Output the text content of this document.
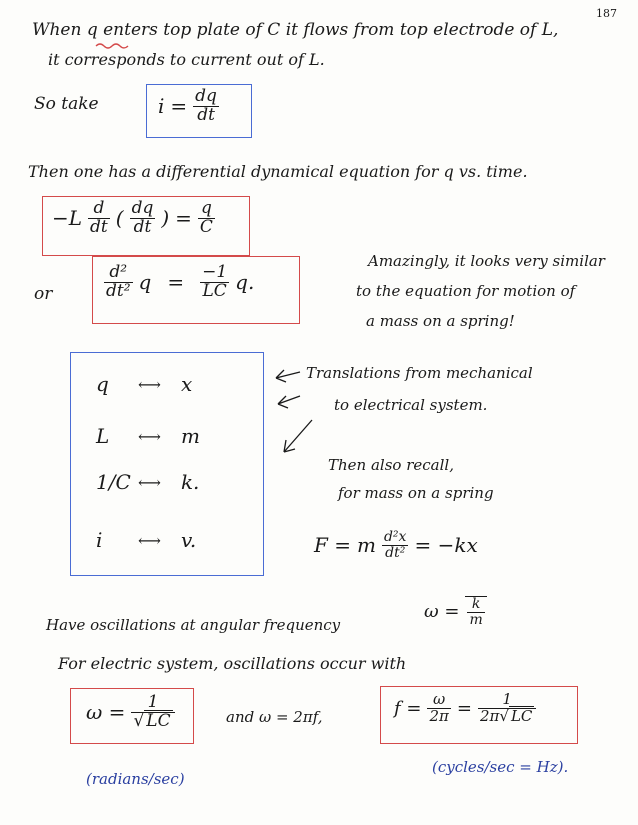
187
When q enters top plate of C it flows from top electrode of L,
it corresponds to current out of L.
So take	$i = \frac{dq}{dt}$
Then one has a differential dynamical equation for q vs. time.
$-L \frac{d}{dt}$ ( $\frac{dq}{dt}$ ) = $\frac{q}{C}$
or	$\frac{\text{d²}}{\text{dt²}}$ $q = \frac{-1}{LC} q$.
Amazingly, it looks very similar
to the equation for motion of
a mass on a spring!
q	⟷ x
L	⟷ m
1/C ⟷ k.
i	⟷ v.
Translations from mechanical
to electrical system.
Then also recall,
for mass on a spring
F = m $\frac{\text{d²x}}{\text{dt²}} = -kx$
Have oscillations at angular frequency
$\omega = \frac{k}{m}$
For electric system, oscillations occur with
$\omega = \frac{1}{√ LC}$	and ω = 2πf,	$f = \frac{\omega}{2\pi} = \frac{1}{2\pi√ LC}$
(radians/sec)
(cycles/sec = Hz).
